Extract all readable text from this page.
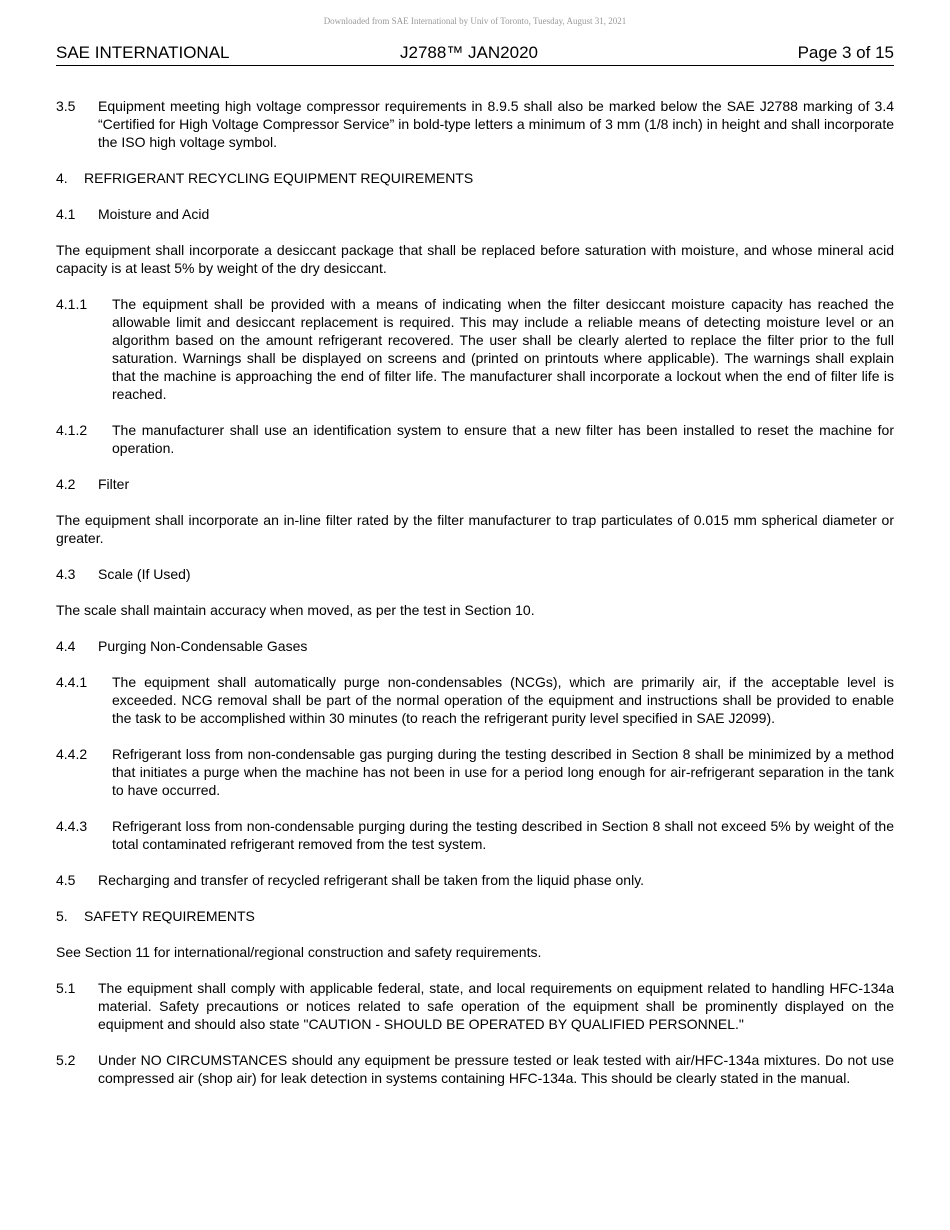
Downloaded from SAE International by Univ of Toronto, Tuesday, August 31, 2021
SAE INTERNATIONAL	J2788™ JAN2020	Page 3 of 15
3.5	Equipment meeting high voltage compressor requirements in 8.9.5 shall also be marked below the SAE J2788 marking of 3.4 “Certified for High Voltage Compressor Service” in bold-type letters a minimum of 3 mm (1/8 inch) in height and shall incorporate the ISO high voltage symbol.
4.	REFRIGERANT RECYCLING EQUIPMENT REQUIREMENTS
4.1	Moisture and Acid
The equipment shall incorporate a desiccant package that shall be replaced before saturation with moisture, and whose mineral acid capacity is at least 5% by weight of the dry desiccant.
4.1.1	The equipment shall be provided with a means of indicating when the filter desiccant moisture capacity has reached the allowable limit and desiccant replacement is required. This may include a reliable means of detecting moisture level or an algorithm based on the amount refrigerant recovered. The user shall be clearly alerted to replace the filter prior to the full saturation. Warnings shall be displayed on screens and (printed on printouts where applicable). The warnings shall explain that the machine is approaching the end of filter life. The manufacturer shall incorporate a lockout when the end of filter life is reached.
4.1.2	The manufacturer shall use an identification system to ensure that a new filter has been installed to reset the machine for operation.
4.2	Filter
The equipment shall incorporate an in-line filter rated by the filter manufacturer to trap particulates of 0.015 mm spherical diameter or greater.
4.3	Scale (If Used)
The scale shall maintain accuracy when moved, as per the test in Section 10.
4.4	Purging Non-Condensable Gases
4.4.1	The equipment shall automatically purge non-condensables (NCGs), which are primarily air, if the acceptable level is exceeded. NCG removal shall be part of the normal operation of the equipment and instructions shall be provided to enable the task to be accomplished within 30 minutes (to reach the refrigerant purity level specified in SAE J2099).
4.4.2	Refrigerant loss from non-condensable gas purging during the testing described in Section 8 shall be minimized by a method that initiates a purge when the machine has not been in use for a period long enough for air-refrigerant separation in the tank to have occurred.
4.4.3	Refrigerant loss from non-condensable purging during the testing described in Section 8 shall not exceed 5% by weight of the total contaminated refrigerant removed from the test system.
4.5	Recharging and transfer of recycled refrigerant shall be taken from the liquid phase only.
5.	SAFETY REQUIREMENTS
See Section 11 for international/regional construction and safety requirements.
5.1	The equipment shall comply with applicable federal, state, and local requirements on equipment related to handling HFC-134a material. Safety precautions or notices related to safe operation of the equipment shall be prominently displayed on the equipment and should also state "CAUTION - SHOULD BE OPERATED BY QUALIFIED PERSONNEL."
5.2	Under NO CIRCUMSTANCES should any equipment be pressure tested or leak tested with air/HFC-134a mixtures. Do not use compressed air (shop air) for leak detection in systems containing HFC-134a. This should be clearly stated in the manual.
